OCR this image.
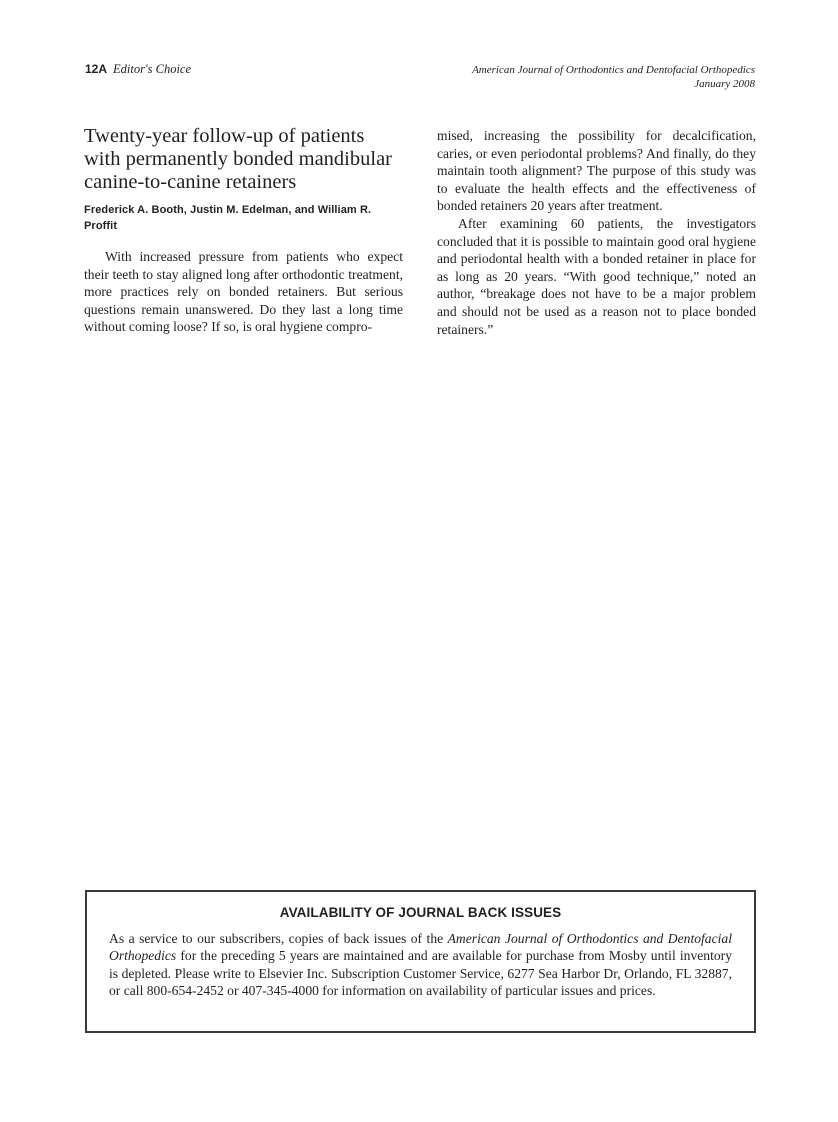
12A Editor's Choice	American Journal of Orthodontics and Dentofacial Orthopedics
January 2008
Twenty-year follow-up of patients with permanently bonded mandibular canine-to-canine retainers
Frederick A. Booth, Justin M. Edelman, and William R. Proffit

With increased pressure from patients who expect their teeth to stay aligned long after orthodontic treatment, more practices rely on bonded retainers. But serious questions remain unanswered. Do they last a long time without coming loose? If so, is oral hygiene compro-

mised, increasing the possibility for decalcification, caries, or even periodontal problems? And finally, do they maintain tooth alignment? The purpose of this study was to evaluate the health effects and the effectiveness of bonded retainers 20 years after treatment.

After examining 60 patients, the investigators concluded that it is possible to maintain good oral hygiene and periodontal health with a bonded retainer in place for as long as 20 years. “With good technique,” noted an author, “breakage does not have to be a major problem and should not be used as a reason not to place bonded retainers.”

AVAILABILITY OF JOURNAL BACK ISSUES

As a service to our subscribers, copies of back issues of the American Journal of Orthodontics and Dentofacial Orthopedics for the preceding 5 years are maintained and are available for purchase from Mosby until inventory is depleted. Please write to Elsevier Inc. Subscription Customer Service, 6277 Sea Harbor Dr, Orlando, FL 32887, or call 800-654-2452 or 407-345-4000 for information on availability of particular issues and prices.
